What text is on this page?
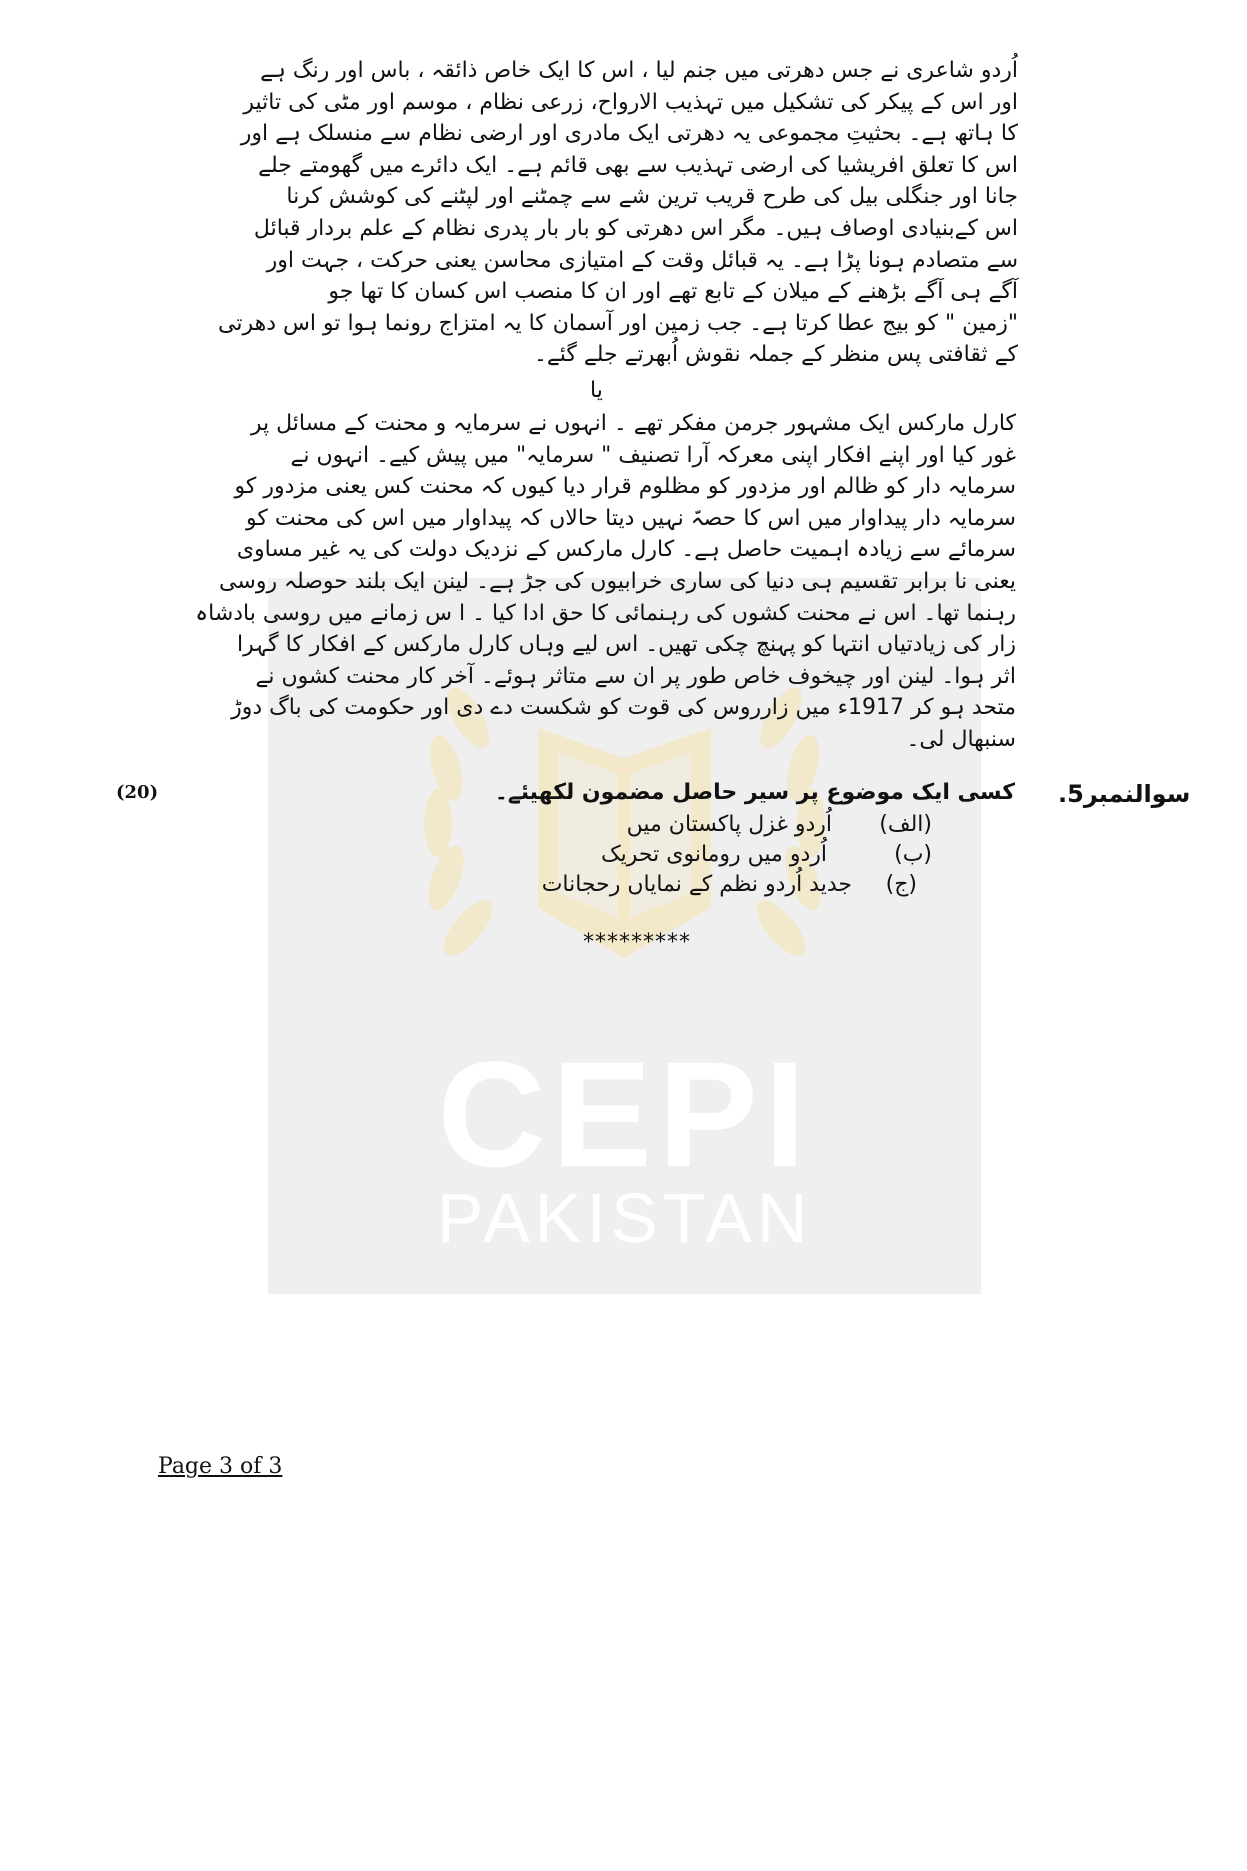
CEPI
PAKISTAN
اُردو شاعری نے جس دھرتی میں جنم لیا ، اس کا ایک خاص ذائقہ ، باس اور رنگ ہے
اور اس کے پیکر کی تشکیل میں تہذیب الارواح، زرعی نظام ، موسم اور مٹی کی تاثیر
کا ہاتھ ہے۔ بحثیتِ مجموعی یہ دھرتی ایک مادری اور ارضی نظام سے منسلک ہے اور
اس کا تعلق افریشیا کی ارضی تہذیب سے بھی قائم ہے۔ ایک دائرے میں گھومتے جلے
جانا اور جنگلی بیل کی طرح قریب ترین شے سے چمٹنے اور لپٹنے کی کوشش کرنا
اس کےبنیادی اوصاف ہیں۔ مگر اس دھرتی کو بار بار پدری نظام کے علم بردار قبائل
سے متصادم ہونا پڑا ہے۔ یہ قبائل وقت کے امتیازی محاسن یعنی حرکت ، جہت اور
آگے ہی آگے بڑھنے کے میلان کے تابع تھے اور ان کا منصب اس کسان کا تھا جو
"زمین " کو بیج عطا کرتا ہے۔ جب زمین اور آسمان کا یہ امتزاج رونما ہوا تو اس دھرتی
کے ثقافتی پس منظر کے جملہ نقوش اُبھرتے جلے گئے۔
یا
کارل مارکس ایک مشہور جرمن مفکر تھے ۔ انہوں نے سرمایہ و محنت کے مسائل پر
غور کیا اور اپنے افکار اپنی معرکہ آرا تصنیف " سرمایہ" میں پیش کیے۔ انہوں نے
سرمایہ دار کو ظالم اور مزدور کو مظلوم قرار دیا کیوں کہ محنت کس یعنی مزدور کو
سرمایہ دار پیداوار میں اس کا حصہّ نہیں دیتا حالاں کہ پیداوار میں اس کی محنت کو
سرمائے سے زیادہ اہمیت حاصل ہے۔ کارل مارکس کے نزدیک دولت کی یہ غیر مساوی
یعنی نا برابر تقسیم ہی دنیا کی ساری خرابیوں کی جڑ ہے۔ لینن ایک بلند حوصلہ روسی
رہنما تھا۔ اس نے محنت کشوں کی رہنمائی کا حق ادا کیا ۔ ا س زمانے میں روسی بادشاہ
زار کی زیادتیاں انتہا کو پہنچ چکی تھیں۔ اس لیے وہاں کارل مارکس کے افکار کا گہرا
اثر ہوا۔ لینن اور چیخوف خاص طور پر ان سے متاثر ہوئے۔ آخر کار محنت کشوں نے
متحد ہو کر 1917ء میں زارروس کی قوت کو شکست دے دی اور حکومت کی باگ دوڑ
سنبھال لی۔
سوالنمبر5.
کسی ایک موضوع پر سیر حاصل مضمون لکھیئے۔
(20)
(الف)
اُردو غزل پاکستان میں
(ب)
اُردو میں رومانوی تحریک
(ج)
جدید اُردو نظم کے نمایاں رحجانات
*********
Page 3 of 3
